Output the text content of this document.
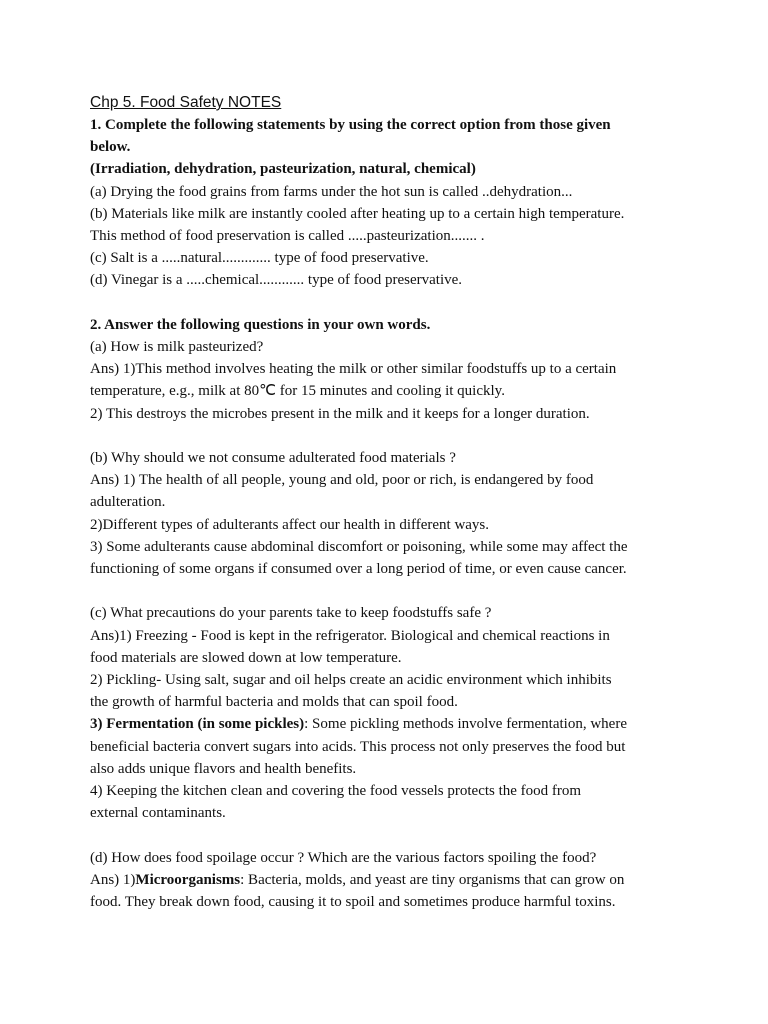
Chp 5. Food Safety NOTES

1. Complete the following statements by using the correct option from those given

below.

(Irradiation, dehydration, pasteurization, natural, chemical)

(a) Drying the food grains from farms under the hot sun is called ..dehydration...

(b) Materials like milk are instantly cooled after heating up to a certain high temperature.

This method of food preservation is called .....pasteurization....... .

(c) Salt is a .....natural............. type of food preservative.

(d) Vinegar is a .....chemical............ type of food preservative.

2. Answer the following questions in your own words.

(a) How is milk pasteurized?

Ans) 1)This method involves heating the milk or other similar foodstuffs up to a certain

temperature, e.g., milk at 80℃ for 15 minutes and cooling it quickly.

2) This destroys the microbes present in the milk and it keeps for a longer duration.

(b) Why should we not consume adulterated food materials ?

Ans) 1) The health of all people, young and old, poor or rich, is endangered by food

adulteration.

2)Different types of adulterants affect our health in different ways.

3) Some adulterants cause abdominal discomfort or poisoning, while some may affect the

functioning of some organs if consumed over a long period of time, or even cause cancer.

(c) What precautions do your parents take to keep foodstuffs safe ?

Ans)1) Freezing - Food is kept in the refrigerator. Biological and chemical reactions in

food materials are slowed down at low temperature.

2) Pickling- Using salt, sugar and oil helps create an acidic environment which inhibits

the growth of harmful bacteria and molds that can spoil food.

3) Fermentation (in some pickles): Some pickling methods involve fermentation, where

beneficial bacteria convert sugars into acids. This process not only preserves the food but

also adds unique flavors and health benefits.

4) Keeping the kitchen clean and covering the food vessels protects the food from

external contaminants.

(d) How does food spoilage occur ? Which are the various factors spoiling the food?

Ans) 1)Microorganisms: Bacteria, molds, and yeast are tiny organisms that can grow on

food. They break down food, causing it to spoil and sometimes produce harmful toxins.
